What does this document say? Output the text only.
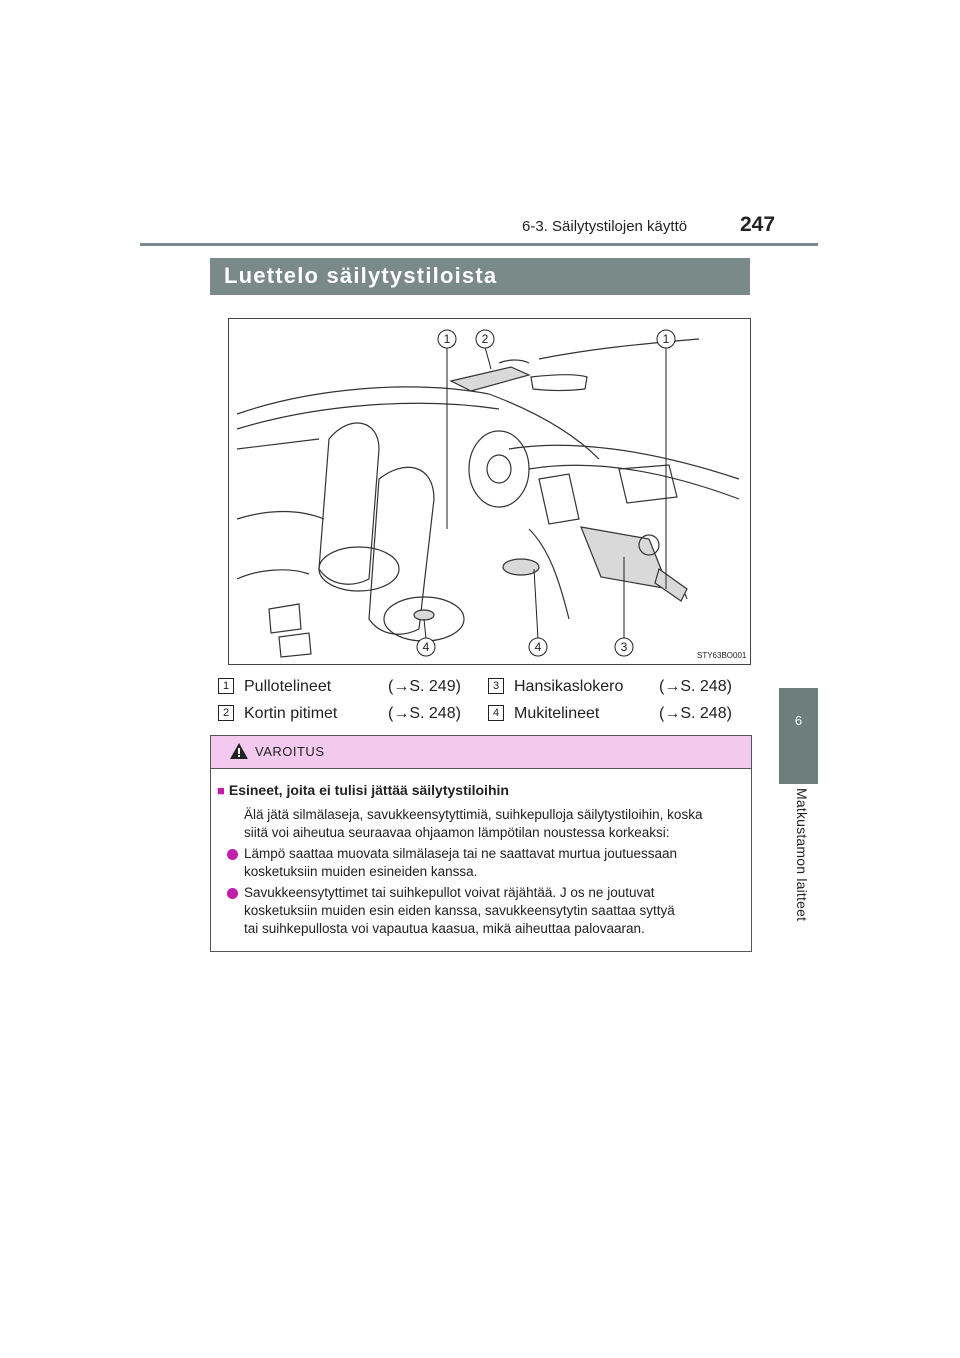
6-3. Säilytystilojen käyttö	247
6
Matkustamon laitteet
Luettelo säilytystiloista
1	2	1
4	4	3
STY63BO001
1 Pullotelineet	(→S. 249)
2 Kortin pitimet	(→S. 248)
3 Hansikaslokero (→S. 248)
4 Mukitelineet	(→S. 248)
VAROITUS
■ Esineet, joita ei tulisi jättää säilytystiloihin
Älä jätä silmälaseja, savukkeensytyttimiä, suihkepulloja säilytystiloihin, koska
siitä voi aiheutua seuraavaa ohjaamon lämpötilan noustessa korkeaksi:
Lämpö saattaa muovata silmälaseja tai ne saattavat murtua joutuessaan
kosketuksiin muiden esineiden kanssa.
Savukkeensytyttimet tai suihkepullot voivat räjähtää. J os ne joutuvat
kosketuksiin muiden esin eiden kanssa, savukkeensytytin saattaa syttyä
tai suihkepullosta voi vapautua kaasua, mikä aiheuttaa palovaaran.
